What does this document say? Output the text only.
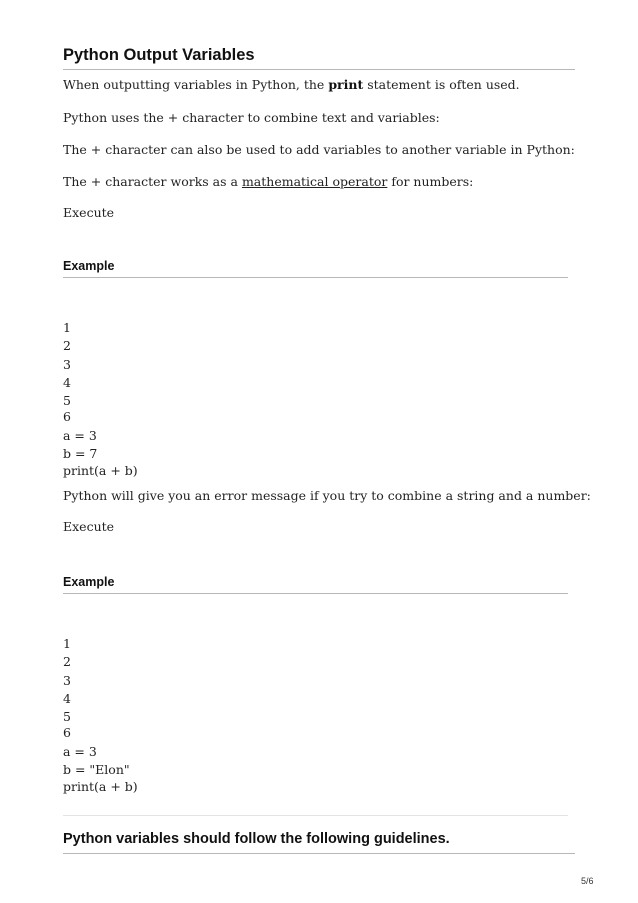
Python Output Variables

When outputting variables in Python, the print statement is often used.

Python uses the + character to combine text and variables:

The + character can also be used to add variables to another variable in Python:

The + character works as a mathematical operator for numbers:

Execute

Example

1

2

3

4

5

6

a = 3

b = 7

print(a + b)

Python will give you an error message if you try to combine a string and a number:

Execute

Example

1

2

3

4

5

6

a = 3

b = "Elon"

print(a + b)

Python variables should follow the following guidelines.
5/6
